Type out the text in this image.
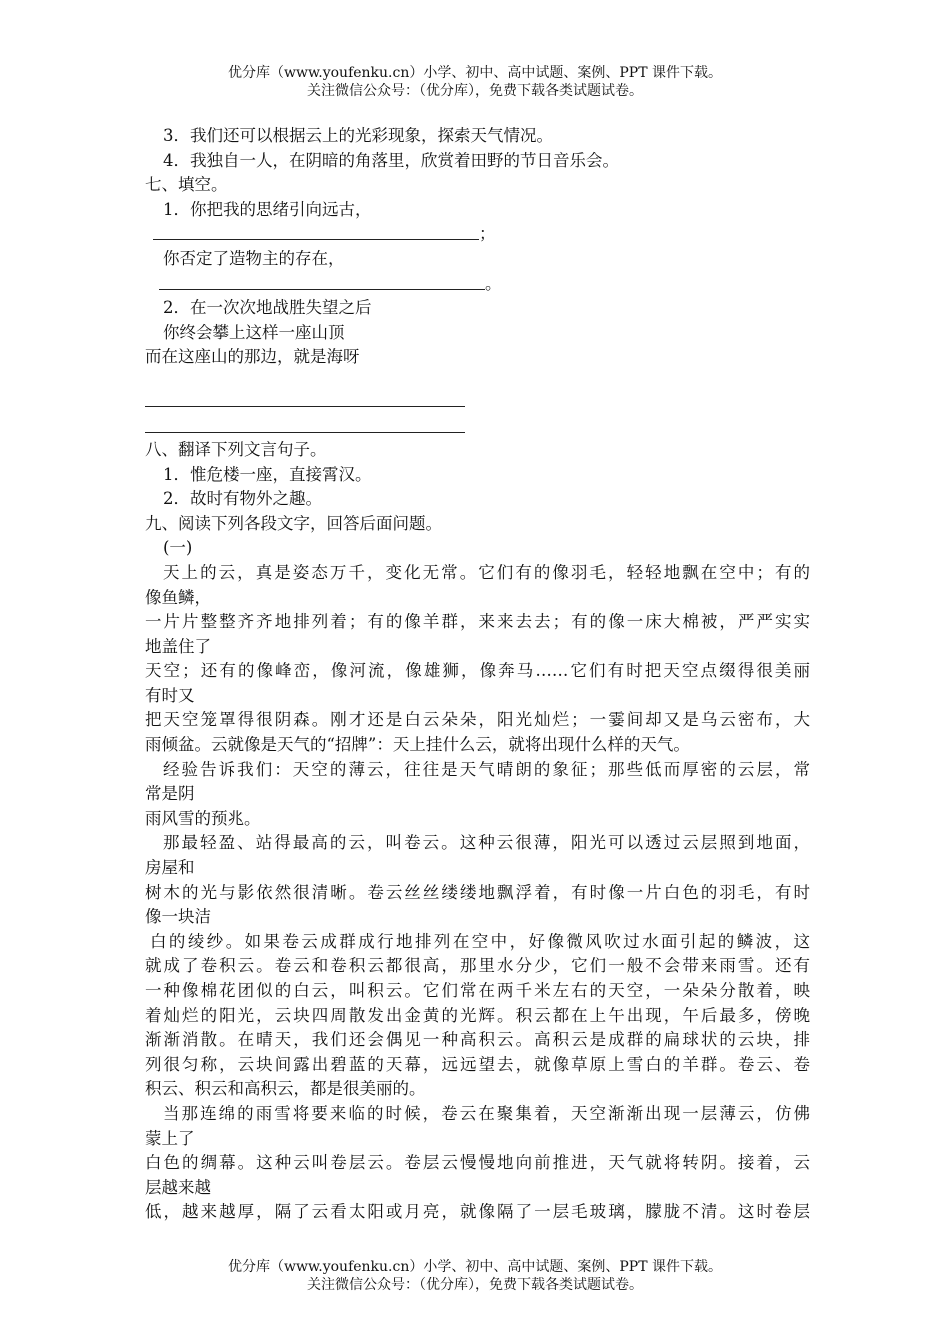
优分库（www.youfenku.cn）小学、初中、高中试题、案例、PPT 课件下载。
关注微信公众号：（优分库），免费下载各类试题试卷。
3．我们还可以根据云上的光彩现象，探索天气情况。
4．我独自一人，在阴暗的角落里，欣赏着田野的节日音乐会。
七、填空。
1．你把我的思绪引向远古，
；
你否定了造物主的存在，
。
2．在一次次地战胜失望之后
你终会攀上这样一座山顶
而在这座山的那边，就是海呀
八、翻译下列文言句子。
1．惟危楼一座，直接霄汉。
2．故时有物外之趣。
九、阅读下列各段文字，回答后面问题。
(一)
天上的云，真是姿态万千，变化无常。它们有的像羽毛，轻轻地飘在空中；有的
像鱼鳞，
一片片整整齐齐地排列着；有的像羊群，来来去去；有的像一床大棉被，严严实实
地盖住了
天空；还有的像峰峦，像河流，像雄狮，像奔马……它们有时把天空点缀得很美丽
有时又
把天空笼罩得很阴森。刚才还是白云朵朵，阳光灿烂；一霎间却又是乌云密布，大
雨倾盆。云就像是天气的“招牌”：天上挂什么云，就将出现什么样的天气。
经验告诉我们：天空的薄云，往往是天气晴朗的象征；那些低而厚密的云层，常
常是阴
雨风雪的预兆。
那最轻盈、站得最高的云，叫卷云。这种云很薄，阳光可以透过云层照到地面，
房屋和
树木的光与影依然很清晰。卷云丝丝缕缕地飘浮着，有时像一片白色的羽毛，有时
像一块洁
白的绫纱。如果卷云成群成行地排列在空中，好像微风吹过水面引起的鳞波，这
就成了卷积云。卷云和卷积云都很高，那里水分少，它们一般不会带来雨雪。还有
一种像棉花团似的白云，叫积云。它们常在两千米左右的天空，一朵朵分散着，映
着灿烂的阳光，云块四周散发出金黄的光辉。积云都在上午出现，午后最多，傍晚
渐渐消散。在晴天，我们还会偶见一种高积云。高积云是成群的扁球状的云块，排
列很匀称，云块间露出碧蓝的天幕，远远望去，就像草原上雪白的羊群。卷云、卷
积云、积云和高积云，都是很美丽的。
当那连绵的雨雪将要来临的时候，卷云在聚集着，天空渐渐出现一层薄云，仿佛
蒙上了
白色的绸幕。这种云叫卷层云。卷层云慢慢地向前推进，天气就将转阴。接着，云
层越来越
低，越来越厚，隔了云看太阳或月亮，就像隔了一层毛玻璃，朦胧不清。这时卷层
优分库（www.youfenku.cn）小学、初中、高中试题、案例、PPT 课件下载。
关注微信公众号：（优分库），免费下载各类试题试卷。
